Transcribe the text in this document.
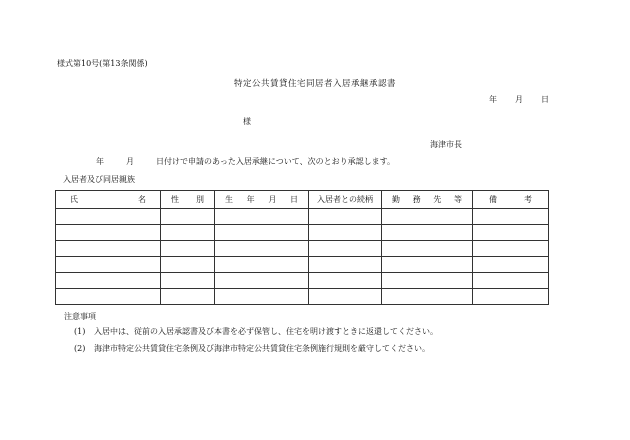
様式第10号(第13条関係)
特定公共賃貸住宅同居者入居承継承認書
年 月 日
様
海津市長
年	月	日付けで申請のあった入居承継について、次のとおり承認します。
入居者及び同居親族
氏 名	性 別	生 年 月 日	入居者との続柄	勤 務 先 等	備 考

注意事項
(1) 入居中は、従前の入居承認書及び本書を必ず保管し、住宅を明け渡すときに返還してください。
(2) 海津市特定公共賃貸住宅条例及び海津市特定公共賃貸住宅条例施行規則を厳守してください。
